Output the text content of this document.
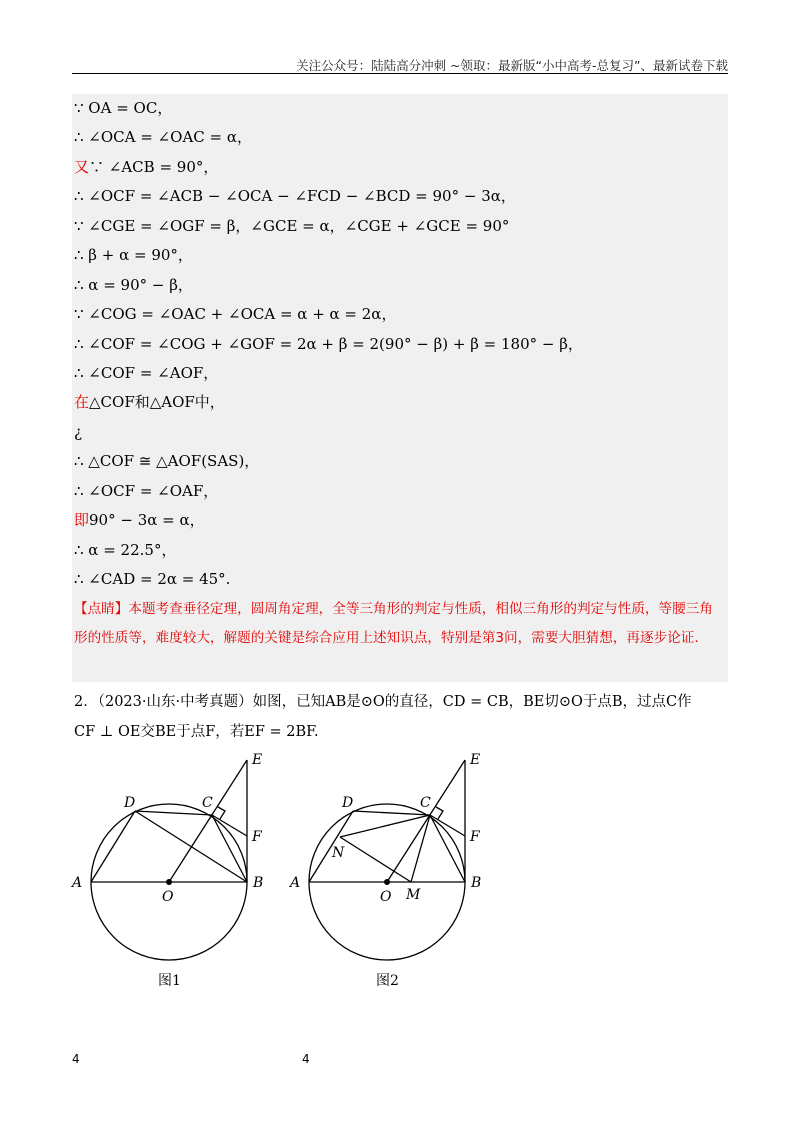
关注公众号：陆陆高分冲刺 ~领取：最新版“小中高考-总复习”、最新试卷下载
∵ OA = OC，
∴ ∠OCA = ∠OAC = α，
又∵ ∠ACB = 90°，
∴ ∠OCF = ∠ACB − ∠OCA − ∠FCD − ∠BCD = 90° − 3α，
∵ ∠CGE = ∠OGF = β，∠GCE = α，∠CGE + ∠GCE = 90°
∴ β + α = 90°，
∴ α = 90° − β，
∵ ∠COG = ∠OAC + ∠OCA = α + α = 2α，
∴ ∠COF = ∠COG + ∠GOF = 2α + β = 2(90° − β) + β = 180° − β，
∴ ∠COF = ∠AOF，
在△COF和△AOF中，
¿
∴ △COF ≅ △AOF(SAS)，
∴ ∠OCF = ∠OAF，
即90° − 3α = α，
∴ α = 22.5°，
∴ ∠CAD = 2α = 45°.
【点睛】本题考查垂径定理，圆周角定理，全等三角形的判定与性质，相似三角形的判定与性质，等腰三角形的性质等，难度较大，解题的关键是综合应用上述知识点，特别是第3问，需要大胆猜想，再逐步论证.
2．（2023·山东·中考真题）如图，已知AB是⊙O的直径，CD = CB，BE切⊙O于点B，过点C作
CF ⊥ OE交BE于点F，若EF = 2BF.
E
D	C
F
A	B
O
图1
E
D	C
F
N
A	B
O M
图2
4	4
